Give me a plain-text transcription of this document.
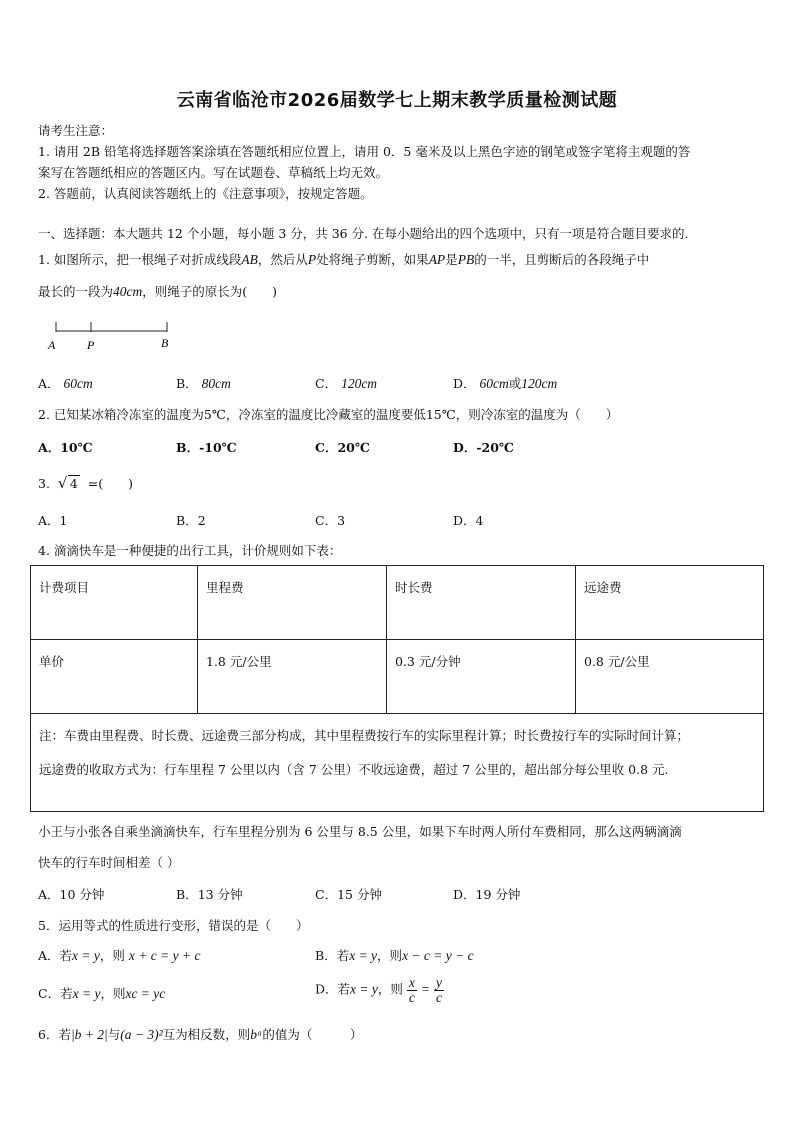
云南省临沧市2026届数学七上期末教学质量检测试题
请考生注意：
1. 请用 2B 铅笔将选择题答案涂填在答题纸相应位置上，请用 0．5 毫米及以上黑色字迹的钢笔或签字笔将主观题的答
案写在答题纸相应的答题区内。写在试题卷、草稿纸上均无效。
2. 答题前，认真阅读答题纸上的《注意事项》，按规定答题。
一、选择题：本大题共 12 个小题，每小题 3 分，共 36 分. 在每小题给出的四个选项中，只有一项是符合题目要求的.
1. 如图所示，把一根绳子对折成线段AB，然后从P处将绳子剪断，如果AP是PB的一半，且剪断后的各段绳子中
最长的一段为40cm，则绳子的原长为(　　)
A	P	B
A． 60cm	B． 80cm	C． 120cm	D． 60cm或120cm
2. 已知某冰箱冷冻室的温度为5℃，冷冻室的温度比冷藏室的温度要低15℃，则冷冻室的温度为（　　）
A．10℃	B．-10℃	C．20℃	D．-20℃
3. √ 4 =(　　)
A．1	B．2	C．3	D．4
4. 滴滴快车是一种便捷的出行工具，计价规则如下表：
计费项目	里程费	时长费	远途费
单价	1.8 元/公里	0.3 元/分钟	0.8 元/公里

注：车费由里程费、时长费、远途费三部分构成，其中里程费按行车的实际里程计算；时长费按行车的实际时间计算；
远途费的收取方式为：行车里程 7 公里以内（含 7 公里）不收远途费，超过 7 公里的，超出部分每公里收 0.8 元.			
小王与小张各自乘坐滴滴快车，行车里程分别为 6 公里与 8.5 公里，如果下车时两人所付车费相同，那么这两辆滴滴
快车的行车时间相差（ ）
A．10 分钟	B．13 分钟	C．15 分钟	D．19 分钟
5．运用等式的性质进行变形，错误的是（　　）
A．若x = y，则 x + c = y + c	B．若x = y，则x − c = y − c
C．若x = y，则xc = yc	D．若x = y，则 $\frac{x}{c} = \frac{y}{c}$
6．若|b + 2|与(a − 3)²互为相反数，则bᵃ的值为（　　　）
